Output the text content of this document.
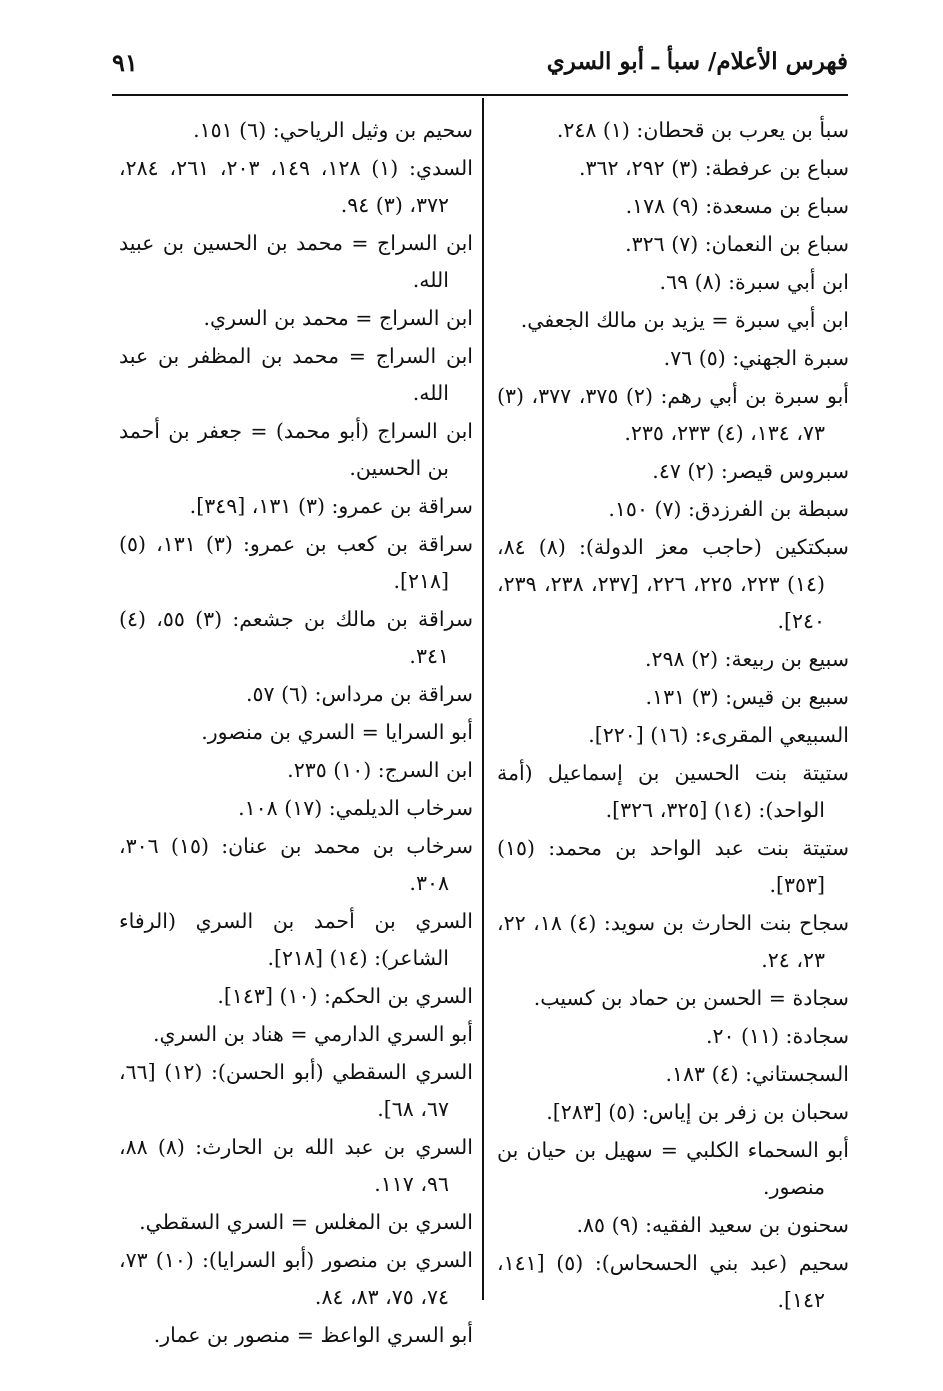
فهرس الأعلام/ سبأ ـ أبو السري
٩١

سبأ بن يعرب بن قحطان: (١) ٢٤٨.

سباع بن عرفطة: (٣) ٢٩٢، ٣٦٢.

سباع بن مسعدة: (٩) ١٧٨.

سباع بن النعمان: (٧) ٣٢٦.

ابن أبي سبرة: (٨) ٦٩.

ابن أبي سبرة = يزيد بن مالك الجعفي.

سبرة الجهني: (٥) ٧٦.

أبو سبرة بن أبي رهم: (٢) ٣٧٥، ٣٧٧، (٣) ٧٣، ١٣٤، (٤) ٢٣٣، ٢٣٥.

سبروس قيصر: (٢) ٤٧.

سبطة بن الفرزدق: (٧) ١٥٠.

سبكتكين (حاجب معز الدولة): (٨) ٨٤، (١٤) ٢٢٣، ٢٢٥، ٢٢٦، [٢٣٧، ٢٣٨، ٢٣٩، ٢٤٠].

سبيع بن ربيعة: (٢) ٢٩٨.

سبيع بن قيس: (٣) ١٣١.

السبيعي المقرىء: (١٦) [٢٢٠].

ستيتة بنت الحسين بن إسماعيل (أمة الواحد): (١٤) [٣٢٥، ٣٢٦].

ستيتة بنت عبد الواحد بن محمد: (١٥) [٣٥٣].

سجاح بنت الحارث بن سويد: (٤) ١٨، ٢٢، ٢٣، ٢٤.

سجادة = الحسن بن حماد بن كسيب.

سجادة: (١١) ٢٠.

السجستاني: (٤) ١٨٣.

سحبان بن زفر بن إياس: (٥) [٢٨٣].

أبو السحماء الكلبي = سهيل بن حيان بن منصور.

سحنون بن سعيد الفقيه: (٩) ٨٥.

سحيم (عبد بني الحسحاس): (٥) [١٤١، ١٤٢].

سحيم بن وثيل الرياحي: (٦) ١٥١.

السدي: (١) ١٢٨، ١٤٩، ٢٠٣، ٢٦١، ٢٨٤، ٣٧٢، (٣) ٩٤.

ابن السراج = محمد بن الحسين بن عبيد الله.

ابن السراج = محمد بن السري.

ابن السراج = محمد بن المظفر بن عبد الله.

ابن السراج (أبو محمد) = جعفر بن أحمد بن الحسين.

سراقة بن عمرو: (٣) ١٣١، [٣٤٩].

سراقة بن كعب بن عمرو: (٣) ١٣١، (٥) [٢١٨].

سراقة بن مالك بن جشعم: (٣) ٥٥، (٤) ٣٤١.

سراقة بن مرداس: (٦) ٥٧.

أبو السرايا = السري بن منصور.

ابن السرج: (١٠) ٢٣٥.

سرخاب الديلمي: (١٧) ١٠٨.

سرخاب بن محمد بن عنان: (١٥) ٣٠٦، ٣٠٨.

السري بن أحمد بن السري (الرفاء الشاعر): (١٤) [٢١٨].

السري بن الحكم: (١٠) [١٤٣].

أبو السري الدارمي = هناد بن السري.

السري السقطي (أبو الحسن): (١٢) [٦٦، ٦٧، ٦٨].

السري بن عبد الله بن الحارث: (٨) ٨٨، ٩٦، ١١٧.

السري بن المغلس = السري السقطي.

السري بن منصور (أبو السرايا): (١٠) ٧٣، ٧٤، ٧٥، ٨٣، ٨٤.

أبو السري الواعظ = منصور بن عمار.
